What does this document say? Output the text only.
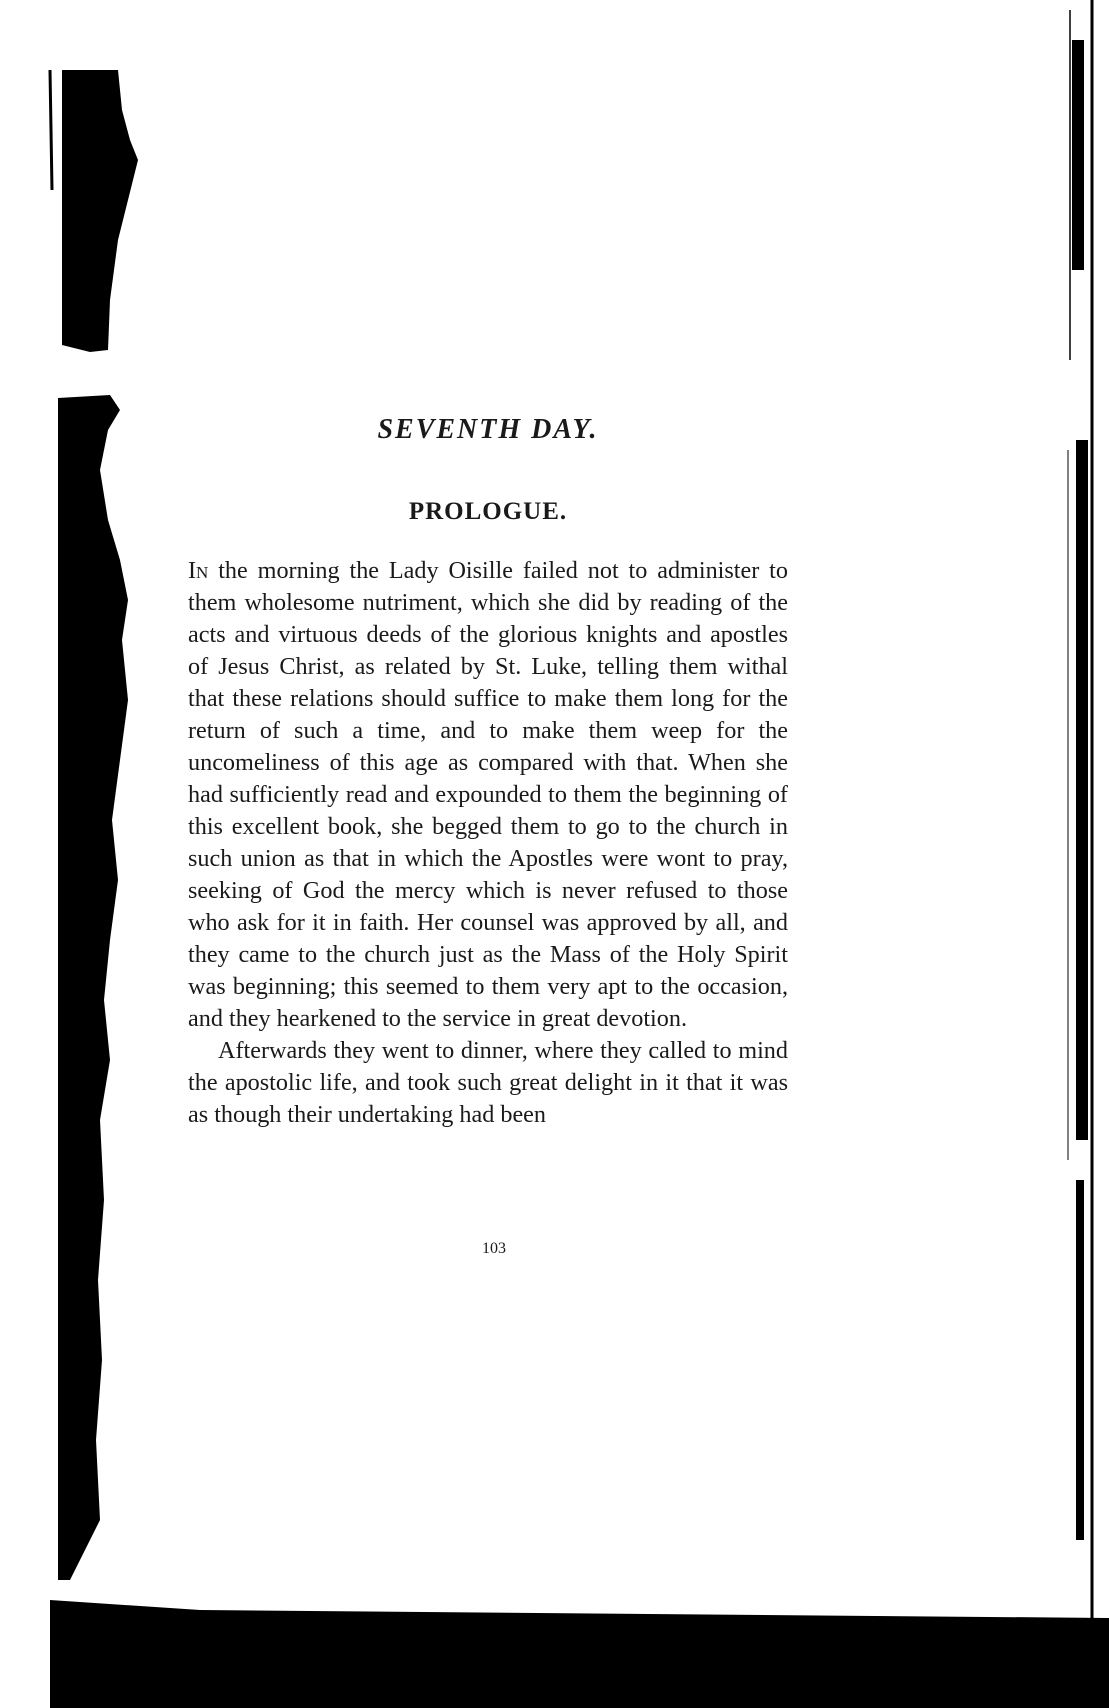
SEVENTH DAY.
PROLOGUE.

In the morning the Lady Oisille failed not to administer to them wholesome nutriment, which she did by reading of the acts and virtuous deeds of the glorious knights and apostles of Jesus Christ, as related by St. Luke, telling them withal that these relations should suffice to make them long for the return of such a time, and to make them weep for the uncomeliness of this age as compared with that. When she had sufficiently read and expounded to them the beginning of this excellent book, she begged them to go to the church in such union as that in which the Apostles were wont to pray, seeking of God the mercy which is never refused to those who ask for it in faith. Her counsel was approved by all, and they came to the church just as the Mass of the Holy Spirit was beginning; this seemed to them very apt to the occasion, and they hearkened to the service in great devotion.

Afterwards they went to dinner, where they called to mind the apostolic life, and took such great delight in it that it was as though their undertaking had been

103
